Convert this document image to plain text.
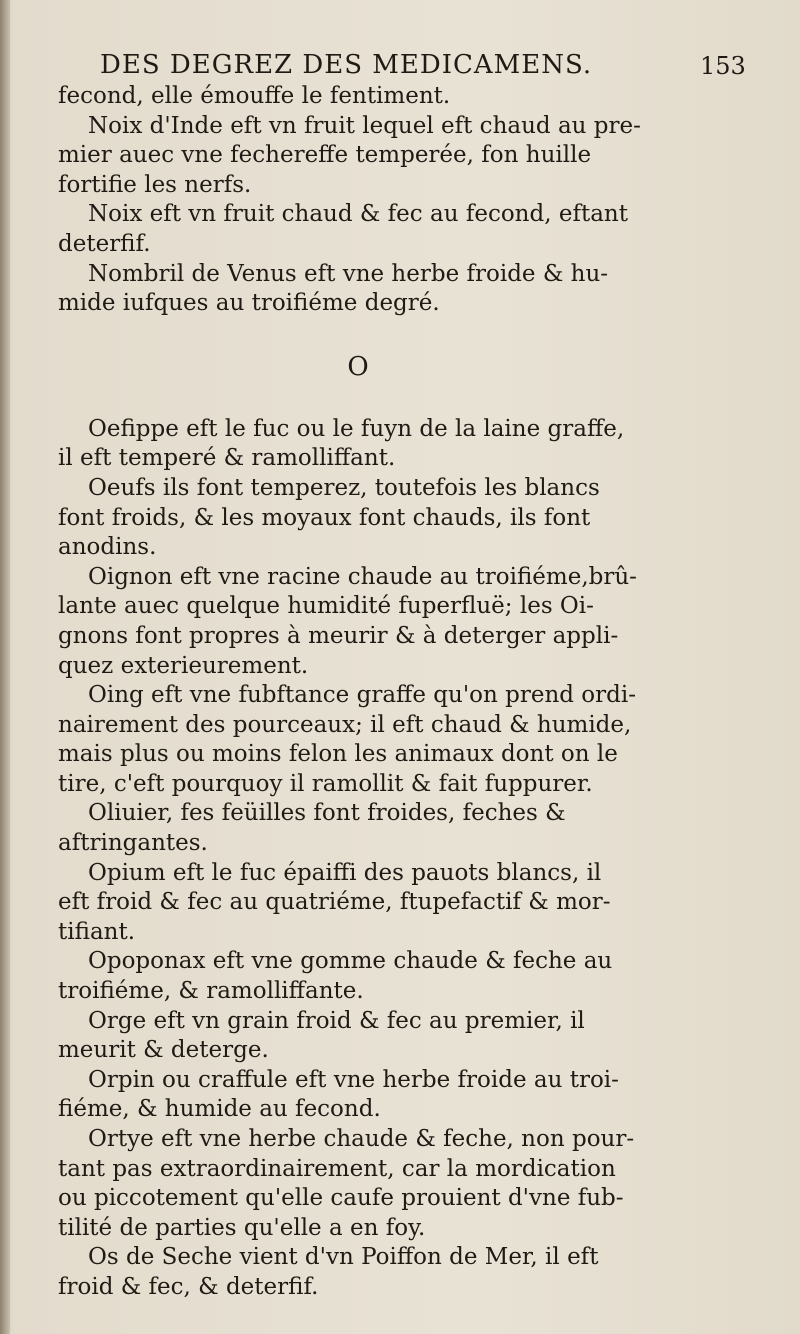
DES DEGREZ DES MEDICAMENS.	153
fecond, elle émouffe le fentiment.
Noix d'Inde eft vn fruit lequel eft chaud au pre-
mier auec vne fechereffe temperée, fon huille
fortifie les nerfs.
Noix eft vn fruit chaud & fec au fecond, eftant
deterfif.
Nombril de Venus eft vne herbe froide & hu-
mide iufques au troifiéme degré.
O
Oefippe eft le fuc ou le fuyn de la laine graffe,
il eft temperé & ramolliffant.
Oeufs ils font temperez, toutefois les blancs
font froids, & les moyaux font chauds, ils font
anodins.
Oignon eft vne racine chaude au troifiéme,brû-
lante auec quelque humidité fuperfluë; les Oi-
gnons font propres à meurir & à deterger appli-
quez exterieurement.
Oing eft vne fubftance graffe qu'on prend ordi-
nairement des pourceaux; il eft chaud & humide,
mais plus ou moins felon les animaux dont on le
tire, c'eft pourquoy il ramollit & fait fuppurer.
Oliuier, fes feüilles font froides, feches &
aftringantes.
Opium eft le fuc épaiffi des pauots blancs, il
eft froid & fec au quatriéme, ftupefactif & mor-
tifiant.
Opoponax eft vne gomme chaude & feche au
troifiéme, & ramolliffante.
Orge eft vn grain froid & fec au premier, il
meurit & deterge.
Orpin ou craffule eft vne herbe froide au troi-
fiéme, & humide au fecond.
Ortye eft vne herbe chaude & feche, non pour-
tant pas extraordinairement, car la mordication
ou piccotement qu'elle caufe prouient d'vne fub-
tilité de parties qu'elle a en foy.
Os de Seche vient d'vn Poiffon de Mer, il eft
froid & fec, & deterfif.
